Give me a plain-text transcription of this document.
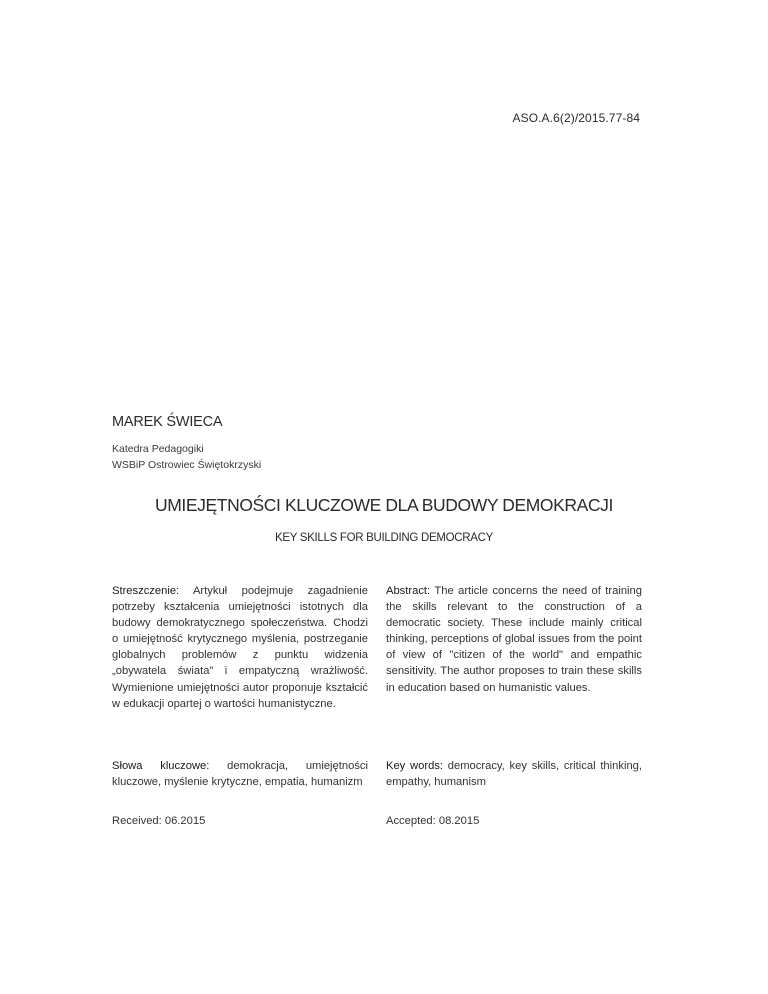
ASO.A.6(2)/2015.77-84
MAREK ŚWIECA
Katedra Pedagogiki
WSBiP Ostrowiec Świętokrzyski
UMIEJĘTNOŚCI KLUCZOWE DLA BUDOWY DEMOKRACJI
KEY SKILLS FOR BUILDING DEMOCRACY
Streszczenie: Artykuł podejmuje zagadnienie potrzeby kształcenia umiejętności istotnych dla budowy demokratycznego społeczeństwa. Chodzi o umiejętność krytycznego myślenia, postrzeganie globalnych problemów z punktu widzenia „obywatela świata” i empatyczną wrażliwość. Wymienione umiejętności autor proponuje kształcić w edukacji opartej o wartości humanistyczne.
Abstract: The article concerns the need of training the skills relevant to the construction of a democratic society. These include mainly critical thinking, perceptions of global issues from the point of view of "citizen of the world" and empathic sensitivity. The author proposes to train these skills in education based on humanistic values.
Słowa kluczowe: demokracja, umiejętności kluczowe, myślenie krytyczne, empatia, humanizm
Key words: democracy, key skills, critical thinking, empathy, humanism
Received: 06.2015	Accepted: 08.2015
